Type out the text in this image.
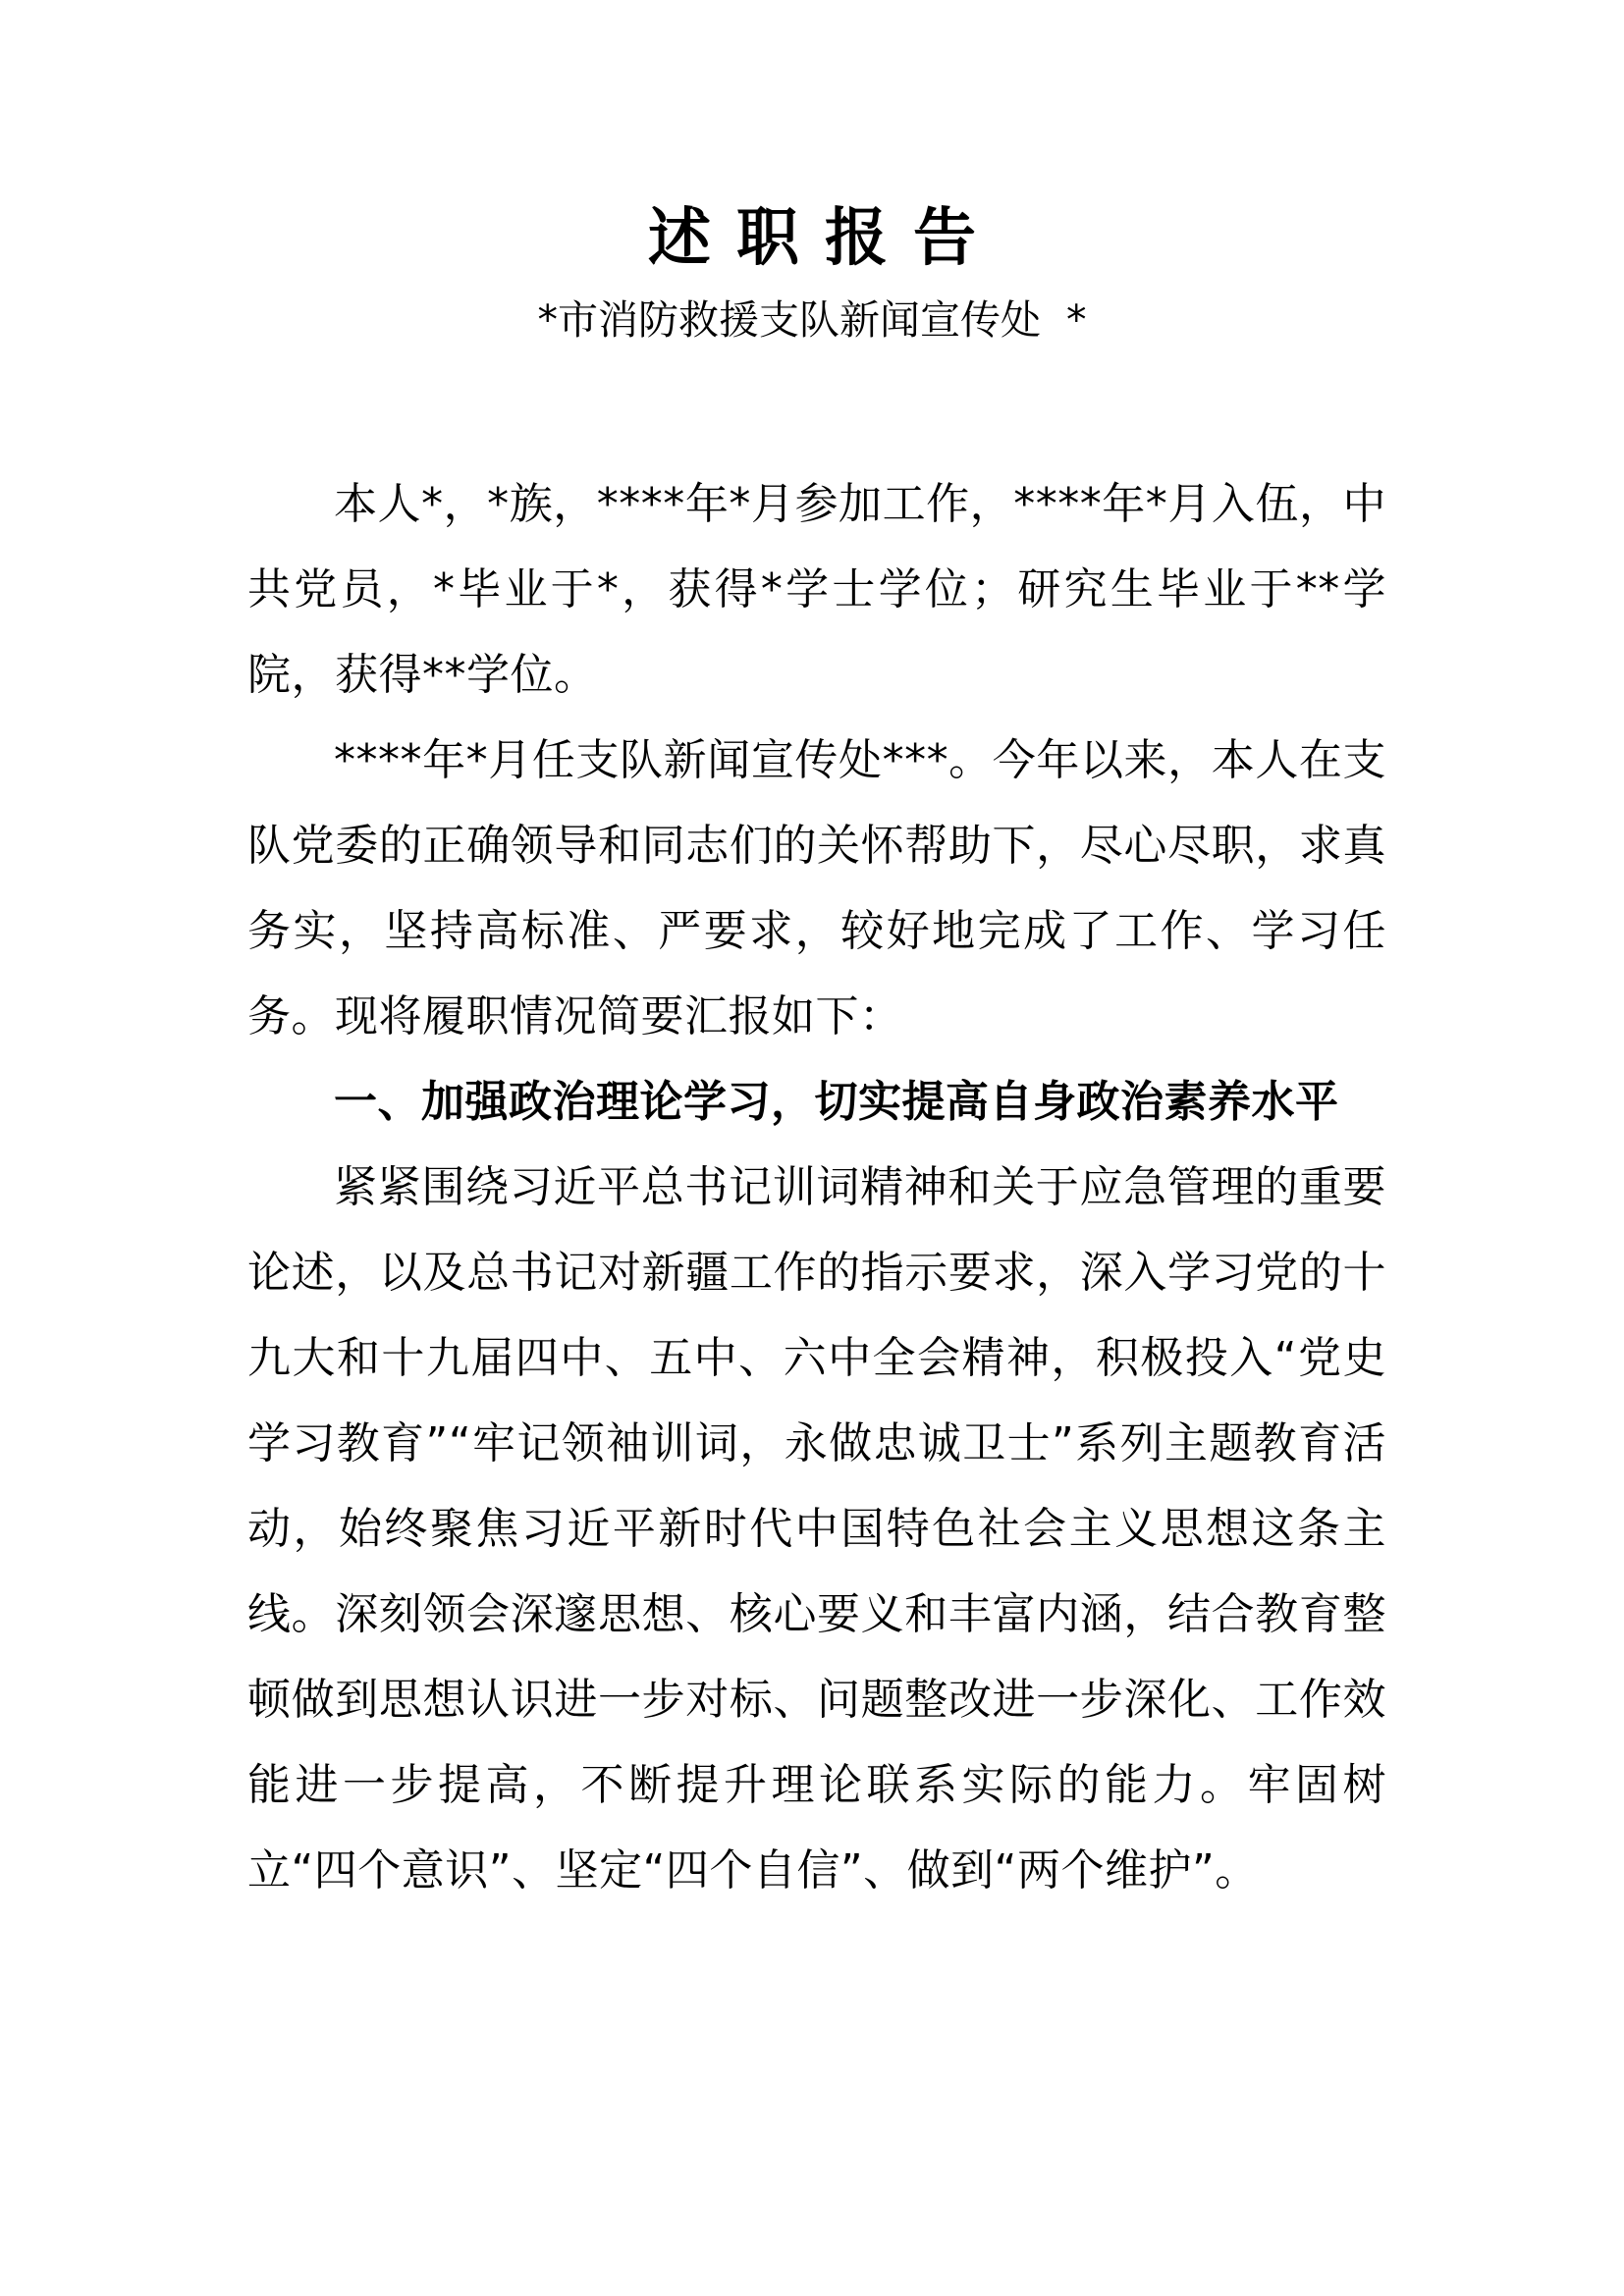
述职报告
*市消防救援支队新闻宣传处  *

本人*，*族，****年*月参加工作，****年*月入伍，中共党员，*毕业于*，获得*学士学位；研究生毕业于**学院，获得**学位。

****年*月任支队新闻宣传处***。今年以来，本人在支队党委的正确领导和同志们的关怀帮助下，尽心尽职，求真务实，坚持高标准、严要求，较好地完成了工作、学习任务。现将履职情况简要汇报如下：

一、加强政治理论学习，切实提高自身政治素养水平

紧紧围绕习近平总书记训词精神和关于应急管理的重要论述，以及总书记对新疆工作的指示要求，深入学习党的十九大和十九届四中、五中、六中全会精神，积极投入“党史学习教育”“牢记领袖训词，永做忠诚卫士”系列主题教育活动，始终聚焦习近平新时代中国特色社会主义思想这条主线。深刻领会深邃思想、核心要义和丰富内涵，结合教育整顿做到思想认识进一步对标、问题整改进一步深化、工作效能进一步提高，不断提升理论联系实际的能力。牢固树立“四个意识”、坚定“四个自信”、做到“两个维护”。
